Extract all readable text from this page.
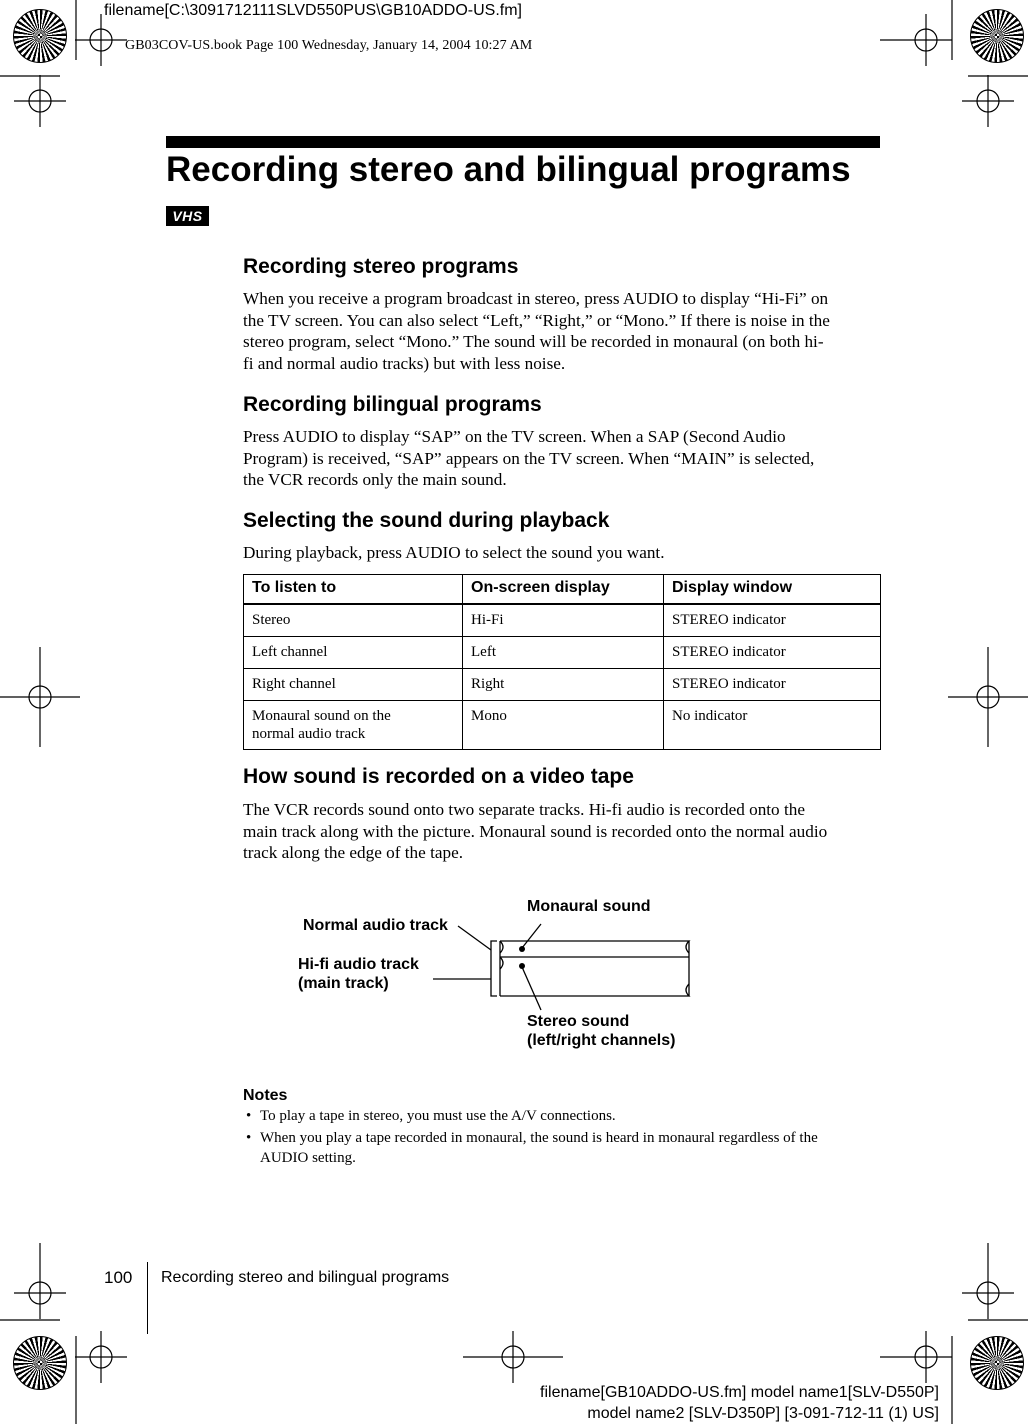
filename[C:\3091712111SLVD550PUS\GB10ADDO-US.fm]
GB03COV-US.book Page 100 Wednesday, January 14, 2004 10:27 AM
Recording stereo and bilingual programs
VHS
Recording stereo programs
When you receive a program broadcast in stereo, press AUDIO to display “Hi-Fi” on
the TV screen. You can also select “Left,” “Right,” or “Mono.” If there is noise in the
stereo program, select “Mono.” The sound will be recorded in monaural (on both hi-
fi and normal audio tracks) but with less noise.
Recording bilingual programs
Press AUDIO to display “SAP” on the TV screen. When a SAP (Second Audio
Program) is received, “SAP” appears on the TV screen. When “MAIN” is selected,
the VCR records only the main sound.
Selecting the sound during playback
During playback, press AUDIO to select the sound you want.
To listen to	On-screen display	Display window
Stereo	Hi-Fi	STEREO indicator
Left channel	Left	STEREO indicator
Right channel	Right	STEREO indicator

Monaural sound on the
normal audio track	Mono	No indicator
How sound is recorded on a video tape
The VCR records sound onto two separate tracks. Hi-fi audio is recorded onto the
main track along with the picture. Monaural sound is recorded onto the normal audio
track along the edge of the tape.
Monaural sound
Normal audio track
Hi-fi audio track
(main track)
Stereo sound
(left/right channels)
Notes
• To play a tape in stereo, you must use the A/V connections.
• When you play a tape recorded in monaural, the sound is heard in monaural regardless of the
AUDIO setting.
100 Recording stereo and bilingual programs
filename[GB10ADDO-US.fm] model name1[SLV-D550P]
model name2 [SLV-D350P] [3-091-712-11 (1) US]
